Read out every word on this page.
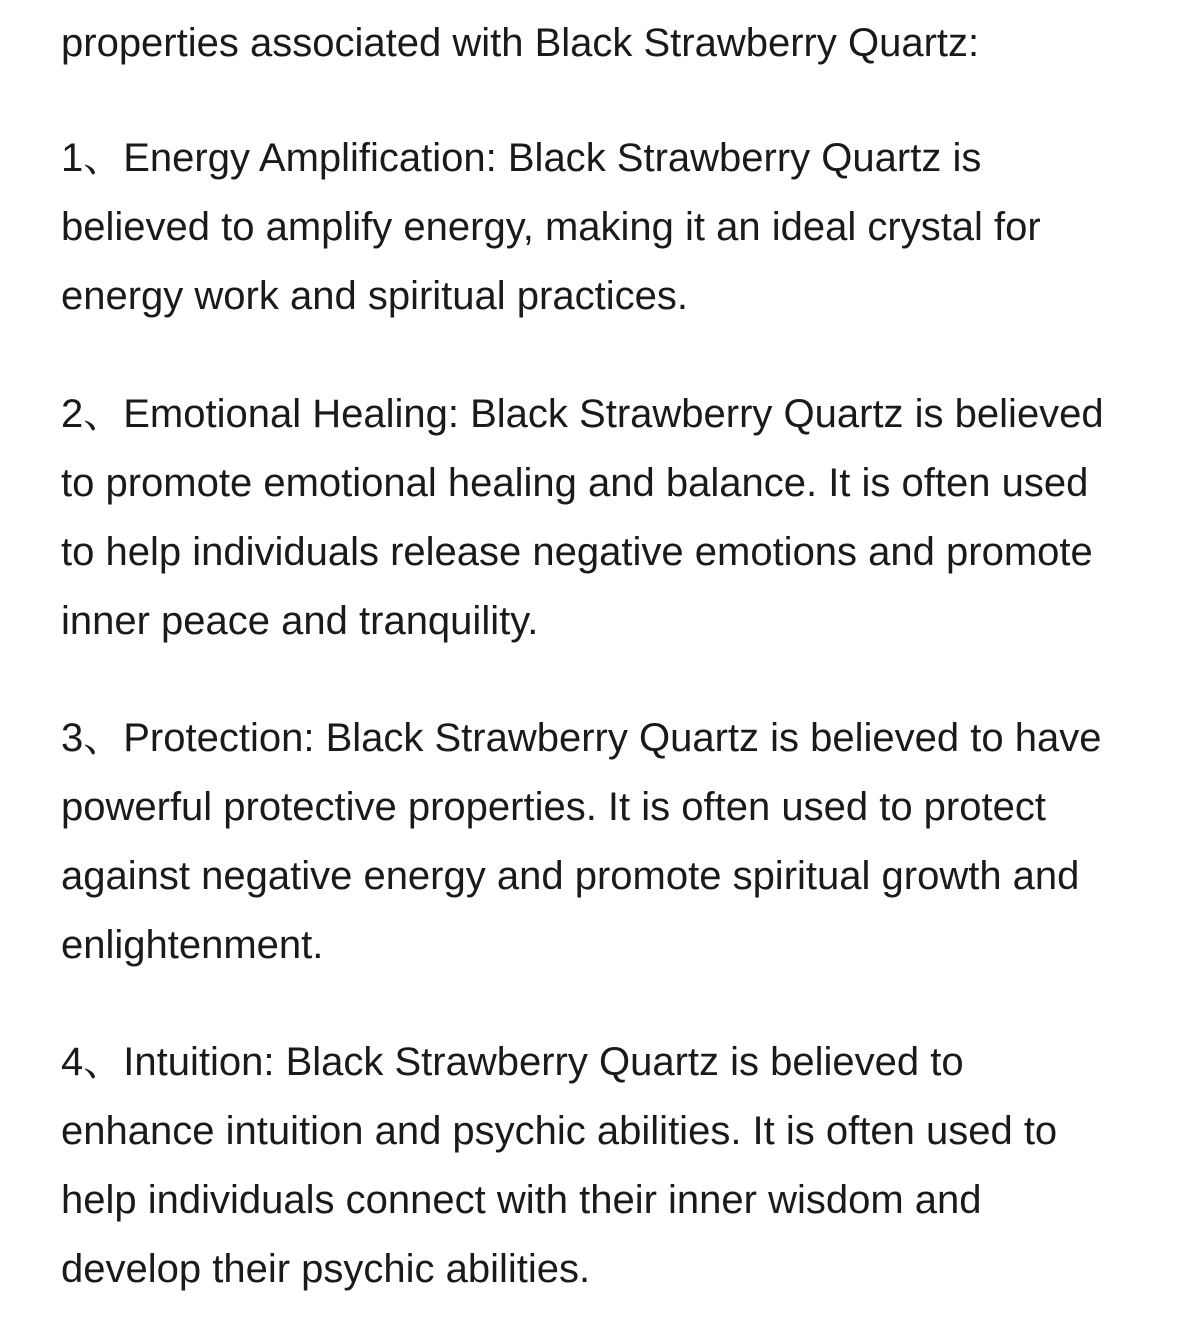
properties associated with Black Strawberry Quartz:

1、Energy Amplification: Black Strawberry Quartz is believed to amplify energy, making it an ideal crystal for energy work and spiritual practices.

2、Emotional Healing: Black Strawberry Quartz is believed to promote emotional healing and balance. It is often used to help individuals release negative emotions and promote inner peace and tranquility.

3、Protection: Black Strawberry Quartz is believed to have powerful protective properties. It is often used to protect against negative energy and promote spiritual growth and enlightenment.

4、Intuition: Black Strawberry Quartz is believed to enhance intuition and psychic abilities. It is often used to help individuals connect with their inner wisdom and develop their psychic abilities.
